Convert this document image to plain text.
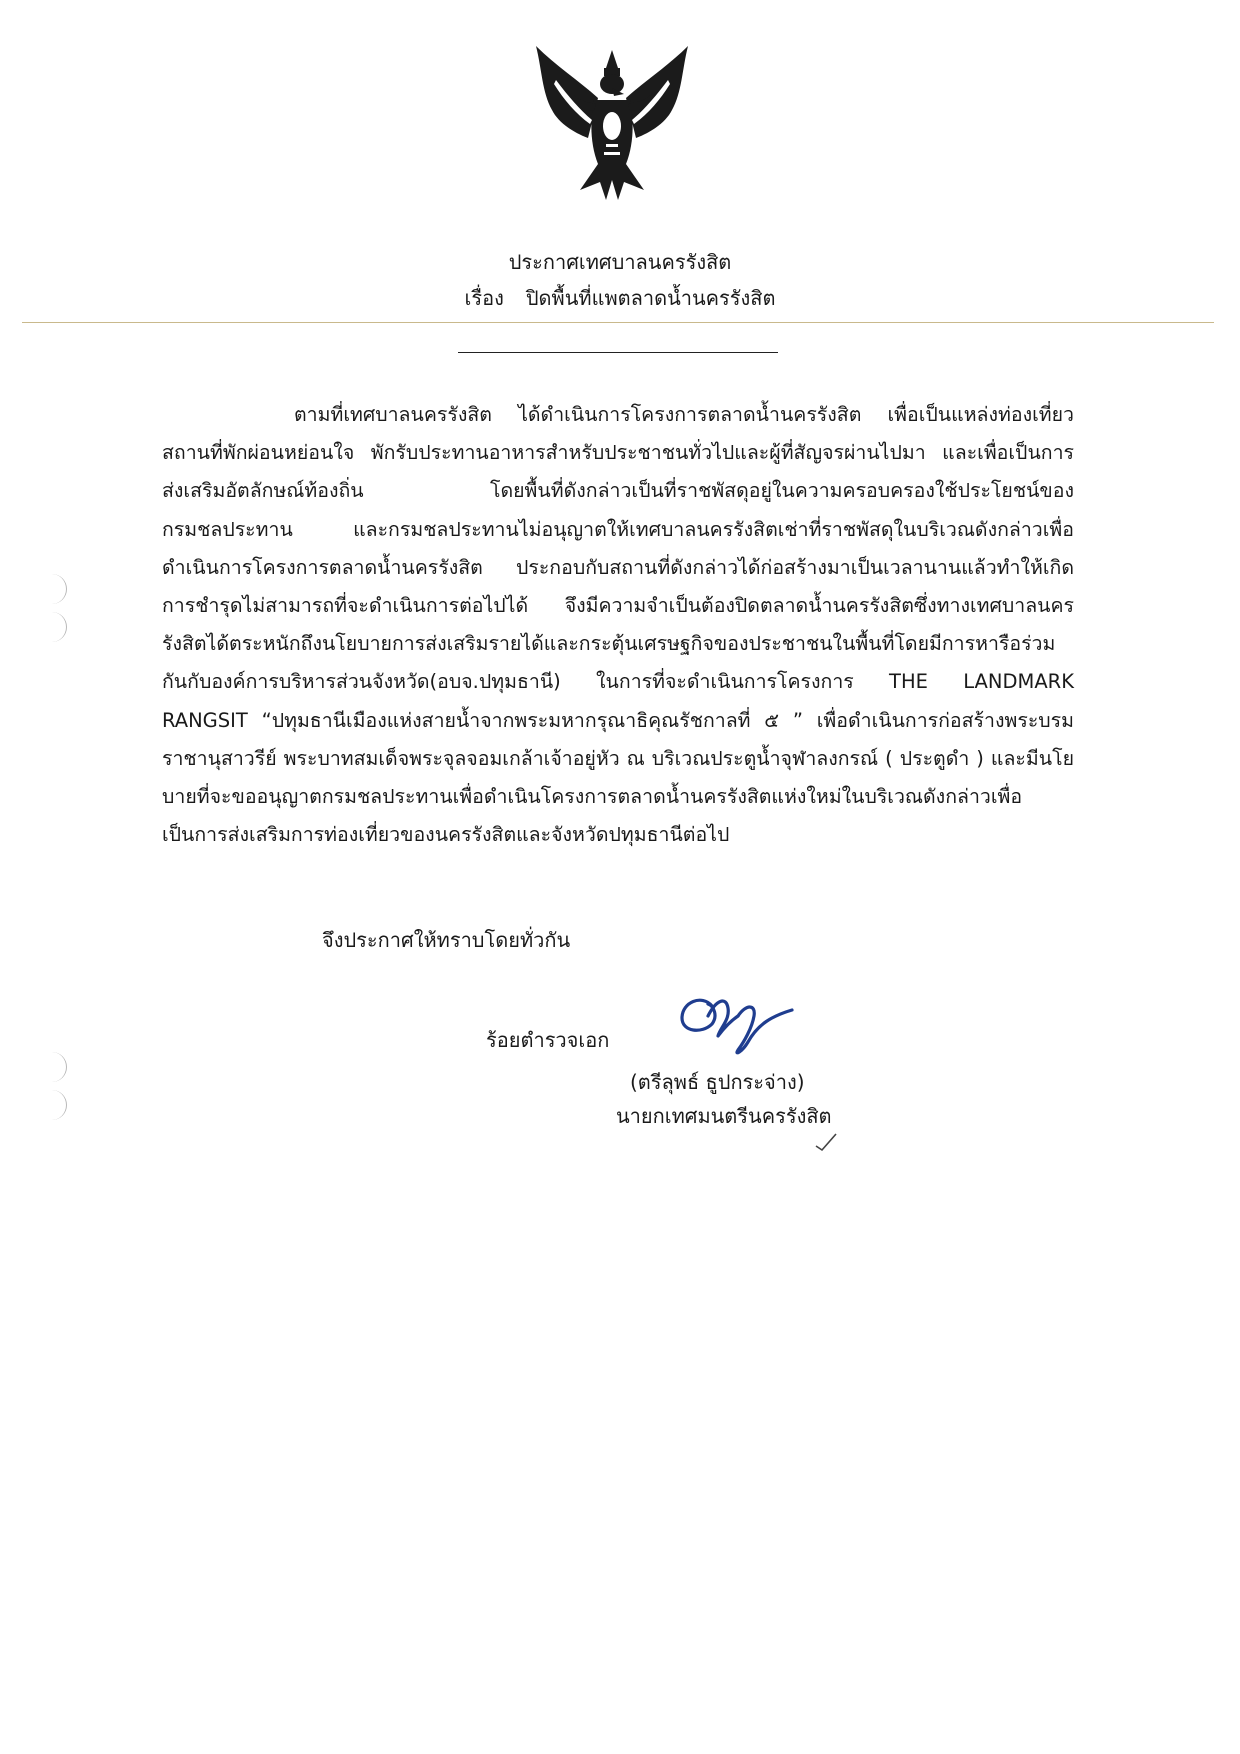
ประกาศเทศบาลนครรังสิต
เรื่อง ปิดพื้นที่แพตลาดน้ำนครรังสิต
ตามที่เทศบาลนครรังสิต ได้ดำเนินการโครงการตลาดน้ำนครรังสิต เพื่อเป็นแหล่งท่องเที่ยว สถานที่พักผ่อนหย่อนใจ พักรับประทานอาหารสำหรับประชาชนทั่วไปและผู้ที่สัญจรผ่านไปมา และเพื่อเป็นการส่งเสริมอัตลักษณ์ท้องถิ่น โดยพื้นที่ดังกล่าวเป็นที่ราชพัสดุอยู่ในความครอบครองใช้ประโยชน์ของกรมชลประทาน และกรมชลประทานไม่อนุญาตให้เทศบาลนครรังสิตเช่าที่ราชพัสดุในบริเวณดังกล่าวเพื่อดำเนินการโครงการตลาดน้ำนครรังสิต ประกอบกับสถานที่ดังกล่าวได้ก่อสร้างมาเป็นเวลานานแล้วทำให้เกิดการชำรุดไม่สามารถที่จะดำเนินการต่อไปได้ จึงมีความจำเป็นต้องปิดตลาดน้ำนครรังสิตซึ่งทางเทศบาลนครรังสิตได้ตระหนักถึงนโยบายการส่งเสริมรายได้และกระตุ้นเศรษฐกิจของประชาชนในพื้นที่โดยมีการหารือร่วมกันกับองค์การบริหารส่วนจังหวัด(อบจ.ปทุมธานี) ในการที่จะดำเนินการโครงการ THE LANDMARK RANGSIT “ปทุมธานีเมืองแห่งสายน้ำจากพระมหากรุณาธิคุณรัชกาลที่ ๕ ” เพื่อดำเนินการก่อสร้างพระบรมราชานุสาวรีย์ พระบาทสมเด็จพระจุลจอมเกล้าเจ้าอยู่หัว ณ บริเวณประตูน้ำจุฬาลงกรณ์ ( ประตูดำ ) และมีนโยบายที่จะขออนุญาตกรมชลประทานเพื่อดำเนินโครงการตลาดน้ำนครรังสิตแห่งใหม่ในบริเวณดังกล่าวเพื่อเป็นการส่งเสริมการท่องเที่ยวของนครรังสิตและจังหวัดปทุมธานีต่อไป
จึงประกาศให้ทราบโดยทั่วกัน
ร้อยตำรวจเอก
(ตรีลุพธ์ ธูปกระจ่าง)
นายกเทศมนตรีนครรังสิต
